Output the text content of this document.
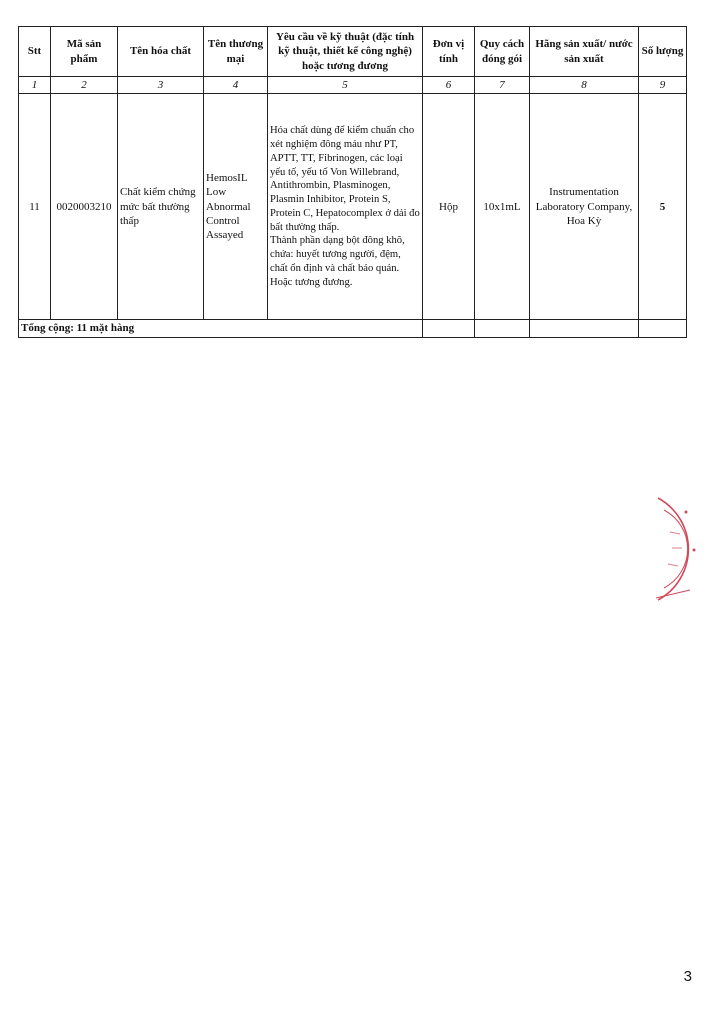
Stt	Mã sản phẩm	Tên hóa chất	Tên thương mại	Yêu cầu về kỹ thuật (đặc tính kỹ thuật, thiết kế công nghệ) hoặc tương đương	Đơn vị tính	Quy cách đóng gói	Hãng sản xuất/ nước sản xuất	Số lượng
1	2	3	4	5	6	7	8	9
11	0020003210	Chất kiểm chứng mức bất thường thấp	HemosIL Low Abnormal Control Assayed	Hóa chất dùng để kiểm chuẩn cho xét nghiệm đông máu như PT, APTT, TT, Fibrinogen, các loại yếu tố, yếu tố Von Willebrand, Antithrombin, Plasminogen, Plasmin Inhibitor, Protein S, Protein C, Hepatocomplex ở dải đo bất thường thấp.
Thành phần dạng bột đông khô, chứa: huyết tương người, đệm, chất ổn định và chất bảo quản. Hoặc tương đương.	Hộp	10x1mL	Instrumentation Laboratory Company, Hoa Kỳ	5
Tổng cộng: 11 mặt hàng								
3
